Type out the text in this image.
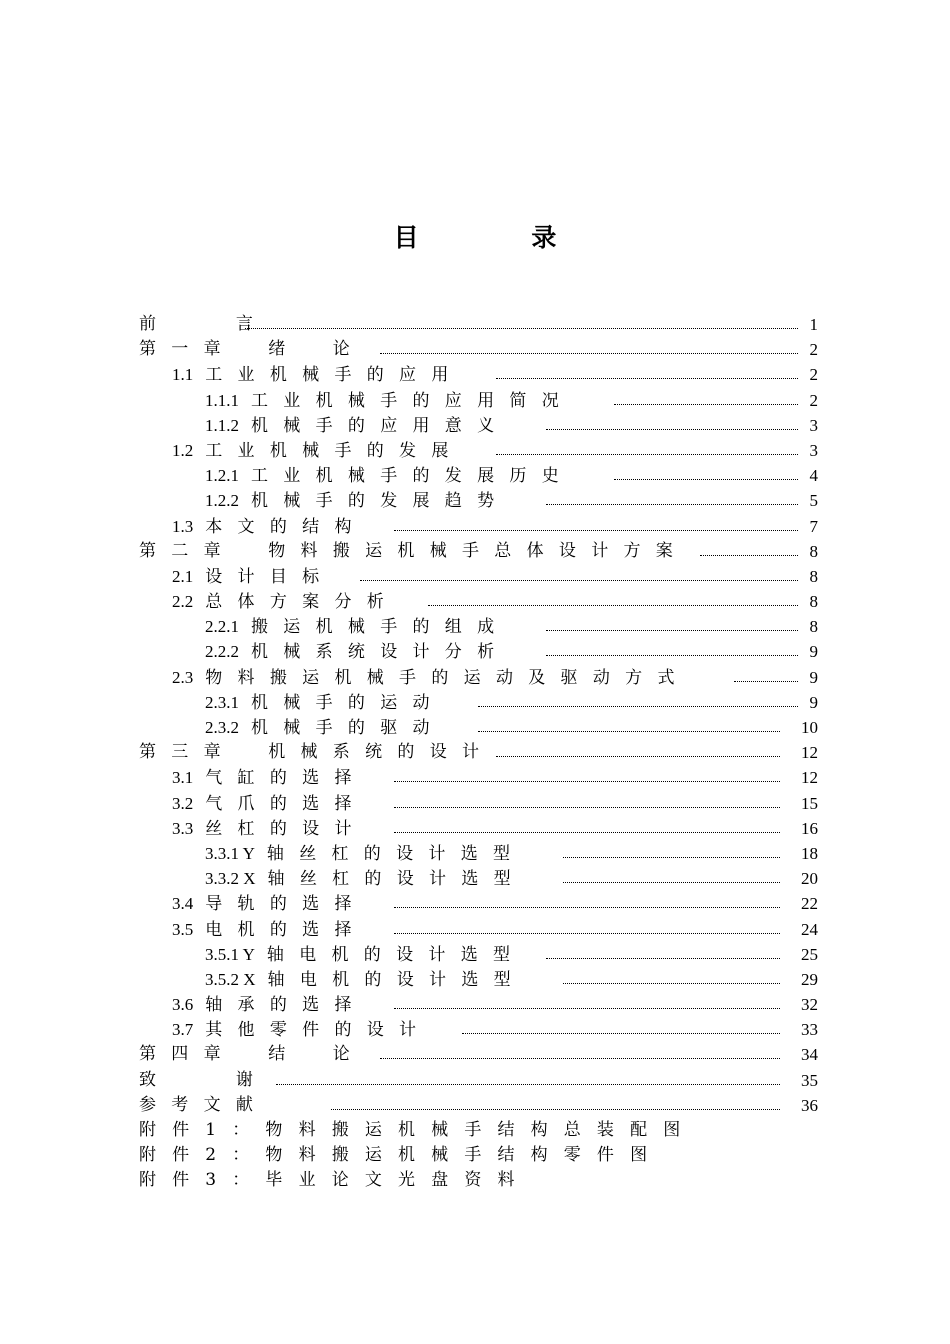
目 录
前　　言	1
第一章　绪　论	2
1.1 工业机械手的应用	2
1.1.1 工业机械手的应用简况	2
1.1.2 机械手的应用意义	3
1.2 工业机械手的发展	3
1.2.1 工业机械手的发展历史	4
1.2.2 机械手的发展趋势	5
1.3 本文的结构	7
第二章　物料搬运机械手总体设计方案	8
2.1 设计目标	8
2.2 总体方案分析	8
2.2.1 搬运机械手的组成	8
2.2.2 机械系统设计分析	9
2.3 物料搬运机械手的运动及驱动方式	9
2.3.1 机械手的运动	9
2.3.2 机械手的驱动	10
第三章　机械系统的设计	12
3.1 气缸的选择	12
3.2 气爪的选择	15
3.3 丝杠的设计	16
3.3.1 Y 轴丝杠的设计选型	18
3.3.2 X 轴丝杠的设计选型	20
3.4 导轨的选择	22
3.5 电机的选择	24
3.5.1 Y 轴电机的设计选型	25
3.5.2 X 轴电机的设计选型	29
3.6 轴承的选择	32
3.7 其他零件的设计	33
第四章　结　论	34
致　　谢	35
参考文献	36
附件1：物料搬运机械手结构总装配图
附件2：物料搬运机械手结构零件图
附件3：毕业论文光盘资料
